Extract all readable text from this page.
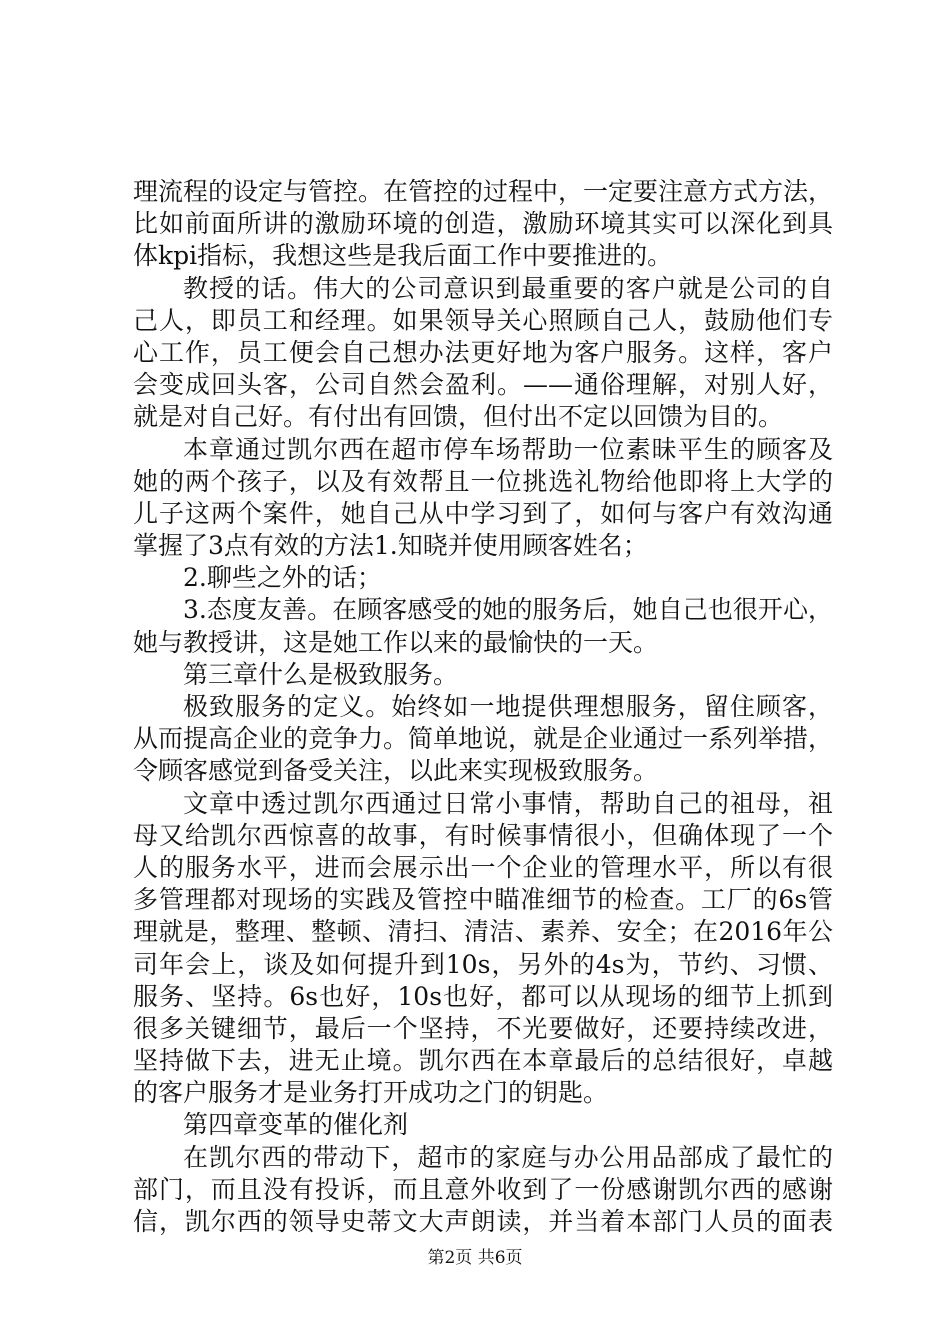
理流程的设定与管控。在管控的过程中，一定要注意方式方法，
比如前面所讲的激励环境的创造，激励环境其实可以深化到具
体kpi指标，我想这些是我后面工作中要推进的。
教授的话。伟大的公司意识到最重要的客户就是公司的自
己人，即员工和经理。如果领导关心照顾自己人，鼓励他们专
心工作，员工便会自己想办法更好地为客户服务。这样，客户
会变成回头客，公司自然会盈利。——通俗理解，对别人好，
就是对自己好。有付出有回馈，但付出不定以回馈为目的。
本章通过凯尔西在超市停车场帮助一位素昧平生的顾客及
她的两个孩子，以及有效帮且一位挑选礼物给他即将上大学的
儿子这两个案件，她自己从中学习到了，如何与客户有效沟通
掌握了3点有效的方法1.知晓并使用顾客姓名；
2.聊些之外的话；
3.态度友善。在顾客感受的她的服务后，她自己也很开心，
她与教授讲，这是她工作以来的最愉快的一天。
第三章什么是极致服务。
极致服务的定义。始终如一地提供理想服务，留住顾客，
从而提高企业的竞争力。简单地说，就是企业通过一系列举措，
令顾客感觉到备受关注，以此来实现极致服务。
文章中透过凯尔西通过日常小事情，帮助自己的祖母，祖
母又给凯尔西惊喜的故事，有时候事情很小，但确体现了一个
人的服务水平，进而会展示出一个企业的管理水平，所以有很
多管理都对现场的实践及管控中瞄准细节的检查。工厂的6s管
理就是，整理、整顿、清扫、清洁、素养、安全；在2016年公
司年会上，谈及如何提升到10s，另外的4s为，节约、习惯、
服务、坚持。6s也好，10s也好，都可以从现场的细节上抓到
很多关键细节，最后一个坚持，不光要做好，还要持续改进，
坚持做下去，进无止境。凯尔西在本章最后的总结很好，卓越
的客户服务才是业务打开成功之门的钥匙。
第四章变革的催化剂
在凯尔西的带动下，超市的家庭与办公用品部成了最忙的
部门，而且没有投诉，而且意外收到了一份感谢凯尔西的感谢
信，凯尔西的领导史蒂文大声朗读，并当着本部门人员的面表
第2页 共6页
